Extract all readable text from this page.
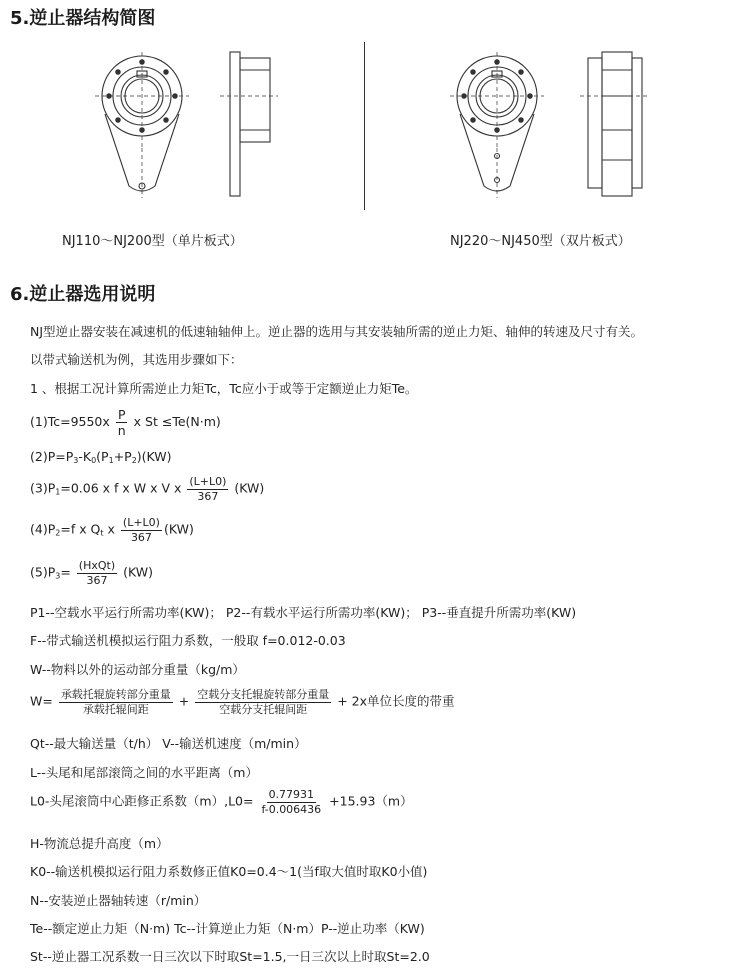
5.逆止器结构简图
NJ110～NJ200型（单片板式）	NJ220～NJ450型（双片板式）
6.逆止器选用说明
NJ型逆止器安装在减速机的低速轴轴伸上。逆止器的选用与其安装轴所需的逆止力矩、轴伸的转速及尺寸有关。
以带式输送机为例，其选用步骤如下：
1 、根据工况计算所需逆止力矩Tc，Tc应小于或等于定额逆止力矩Te。
$(1)Tc=9550x \frac{P}{n}$ x St ≤Te(N·m)
$(2)P=P_3-K_0(P_1+P_2)(KW)$
$(3)P_1=0.06$ x f x W x V x $\frac{(L+L0)}{367} (KW)$
$(4)P_2=f$ x $Q_t$ x $\frac{(L+L0)}{367} (KW)$
$(5)P_3= \frac{\text{(HxQt)}}{367} (KW)$
P1--空载水平运行所需功率(KW)； P2--有载水平运行所需功率(KW)； P3--垂直提升所需功率(KW)
F--带式输送机模拟运行阻力系数，一般取 f=0.012-0.03
W--物料以外的运动部分重量（kg/m）
$W= \frac{\text{承载托辊旋转部分重量}}{\text{承载托辊间距}} + \frac{\text{空载分支托辊旋转部分重量}}{\text{空载分支托辊间距}} + 2x$单位长度的带重
Qt--最大输送量（t/h） V--输送机速度（m/min）
L--头尾和尾部滚筒之间的水平距离（m）
L0-头尾滚筒中心距修正系数$(m),L0= \frac{0.77931}{f-0.006436} +15.93(m)$
H-物流总提升高度（m）
K0--输送机模拟运行阻力系数修正值K0=0.4～1(当f取大值时取K0小值)
N--安装逆止器轴转速（r/min）
Te--额定逆止力矩（N·m) Tc--计算逆止力矩（N·m）P--逆止功率（KW)
St--逆止器工况系数一日三次以下时取St=1.5,一日三次以上时取St=2.0
